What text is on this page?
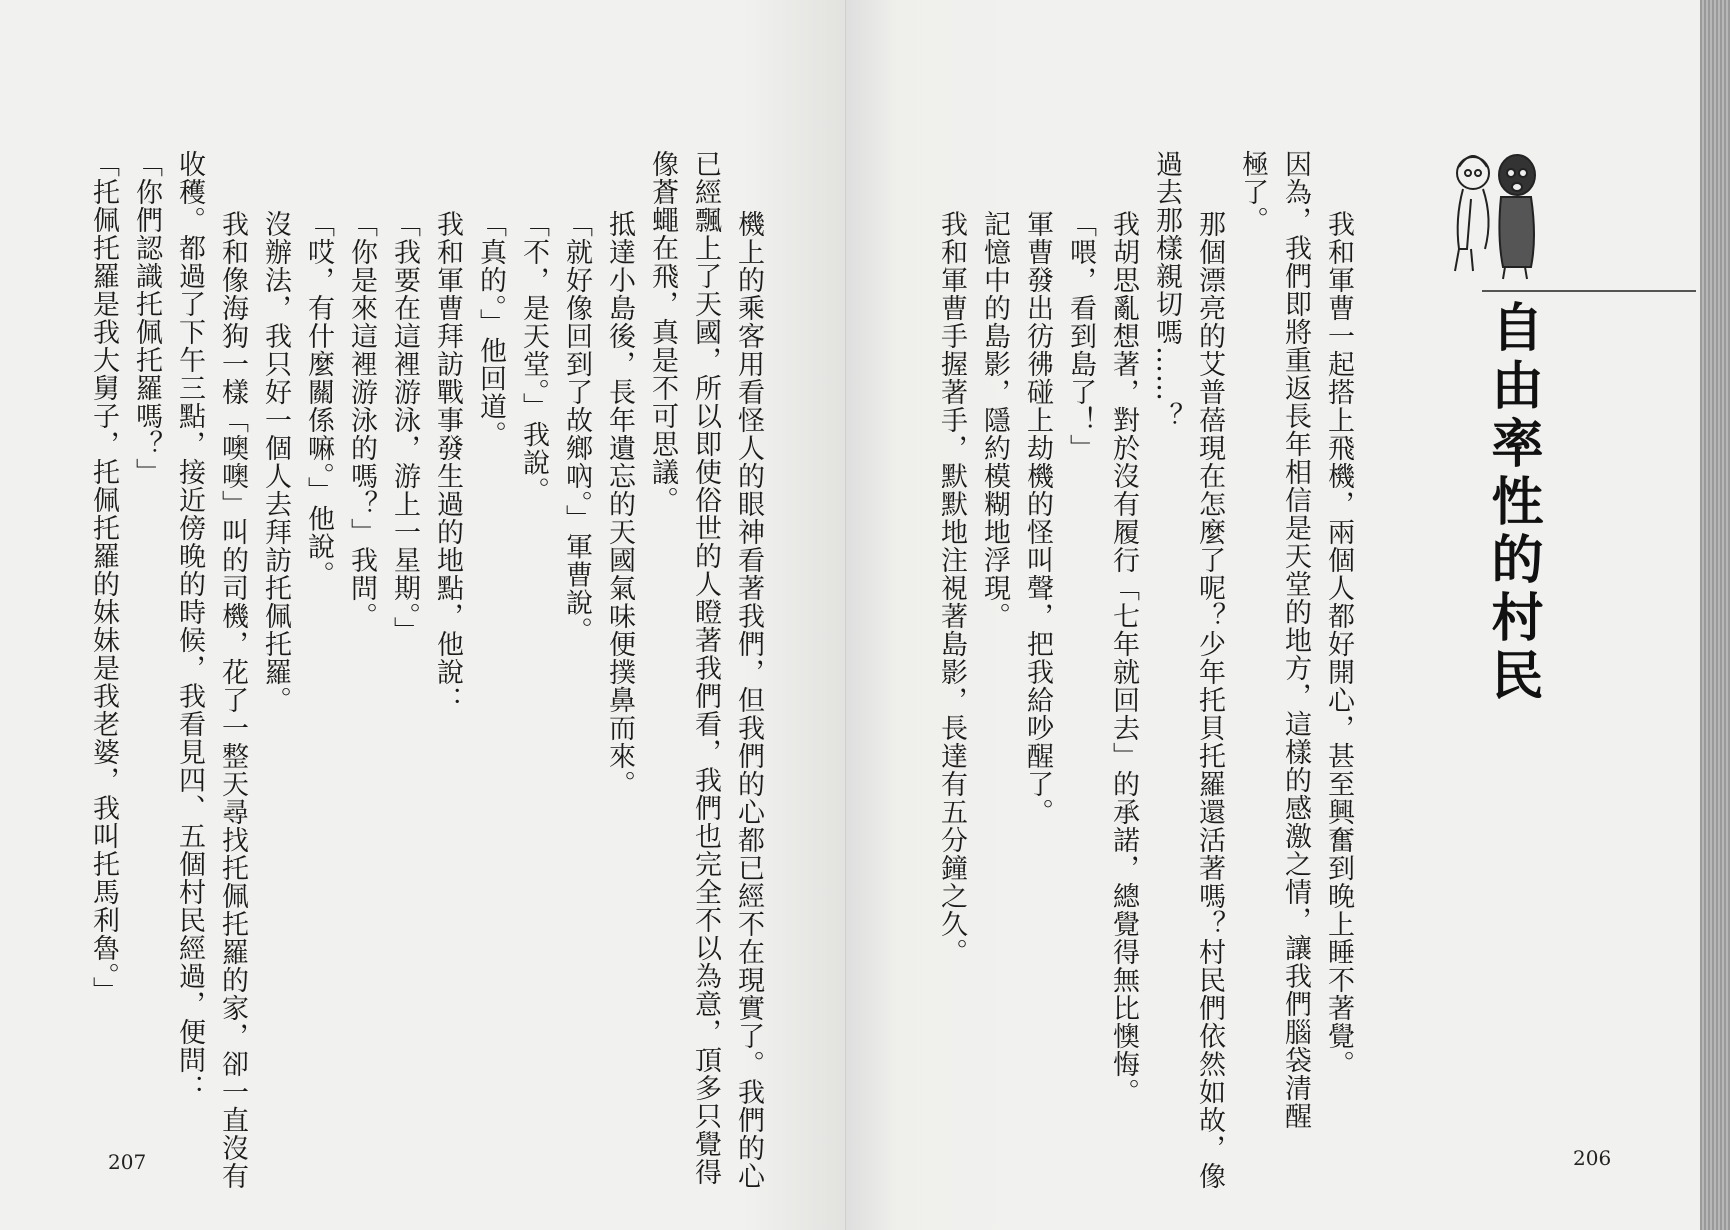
機上的乘客用看怪人的眼神看著我們，但我們的心都已經不在現實了。我們的心
已經飄上了天國，所以即使俗世的人瞪著我們看，我們也完全不以為意，頂多只覺得
像蒼蠅在飛，真是不可思議。
抵達小島後，長年遺忘的天國氣味便撲鼻而來。
「就好像回到了故鄉吶。」軍曹說。
「不，是天堂。」我說。
「真的。」他回道。
我和軍曹拜訪戰事發生過的地點，他說：
「我要在這裡游泳，游上一星期。」
「你是來這裡游泳的嗎？」我問。
「哎，有什麼關係嘛。」他說。
沒辦法，我只好一個人去拜訪托佩托羅。
我和像海狗一樣「噢噢」叫的司機，花了一整天尋找托佩托羅的家，卻一直沒有
收穫。都過了下午三點，接近傍晚的時候，我看見四、五個村民經過，便問：
「你們認識托佩托羅嗎？」
「托佩托羅是我大舅子，托佩托羅的妹妹是我老婆，我叫托馬利魯。」
207
自由率性的村民
我和軍曹一起搭上飛機，兩個人都好開心，甚至興奮到晚上睡不著覺。
因為，我們即將重返長年相信是天堂的地方，這樣的感激之情，讓我們腦袋清醒
極了。
那個漂亮的艾普蓓現在怎麼了呢？少年托貝托羅還活著嗎？村民們依然如故，像
過去那樣親切嗎……？
我胡思亂想著，對於沒有履行「七年就回去」的承諾，總覺得無比懊悔。
「喂，看到島了！」
軍曹發出彷彿碰上劫機的怪叫聲，把我給吵醒了。
記憶中的島影，隱約模糊地浮現。
我和軍曹手握著手，默默地注視著島影，長達有五分鐘之久。
206
